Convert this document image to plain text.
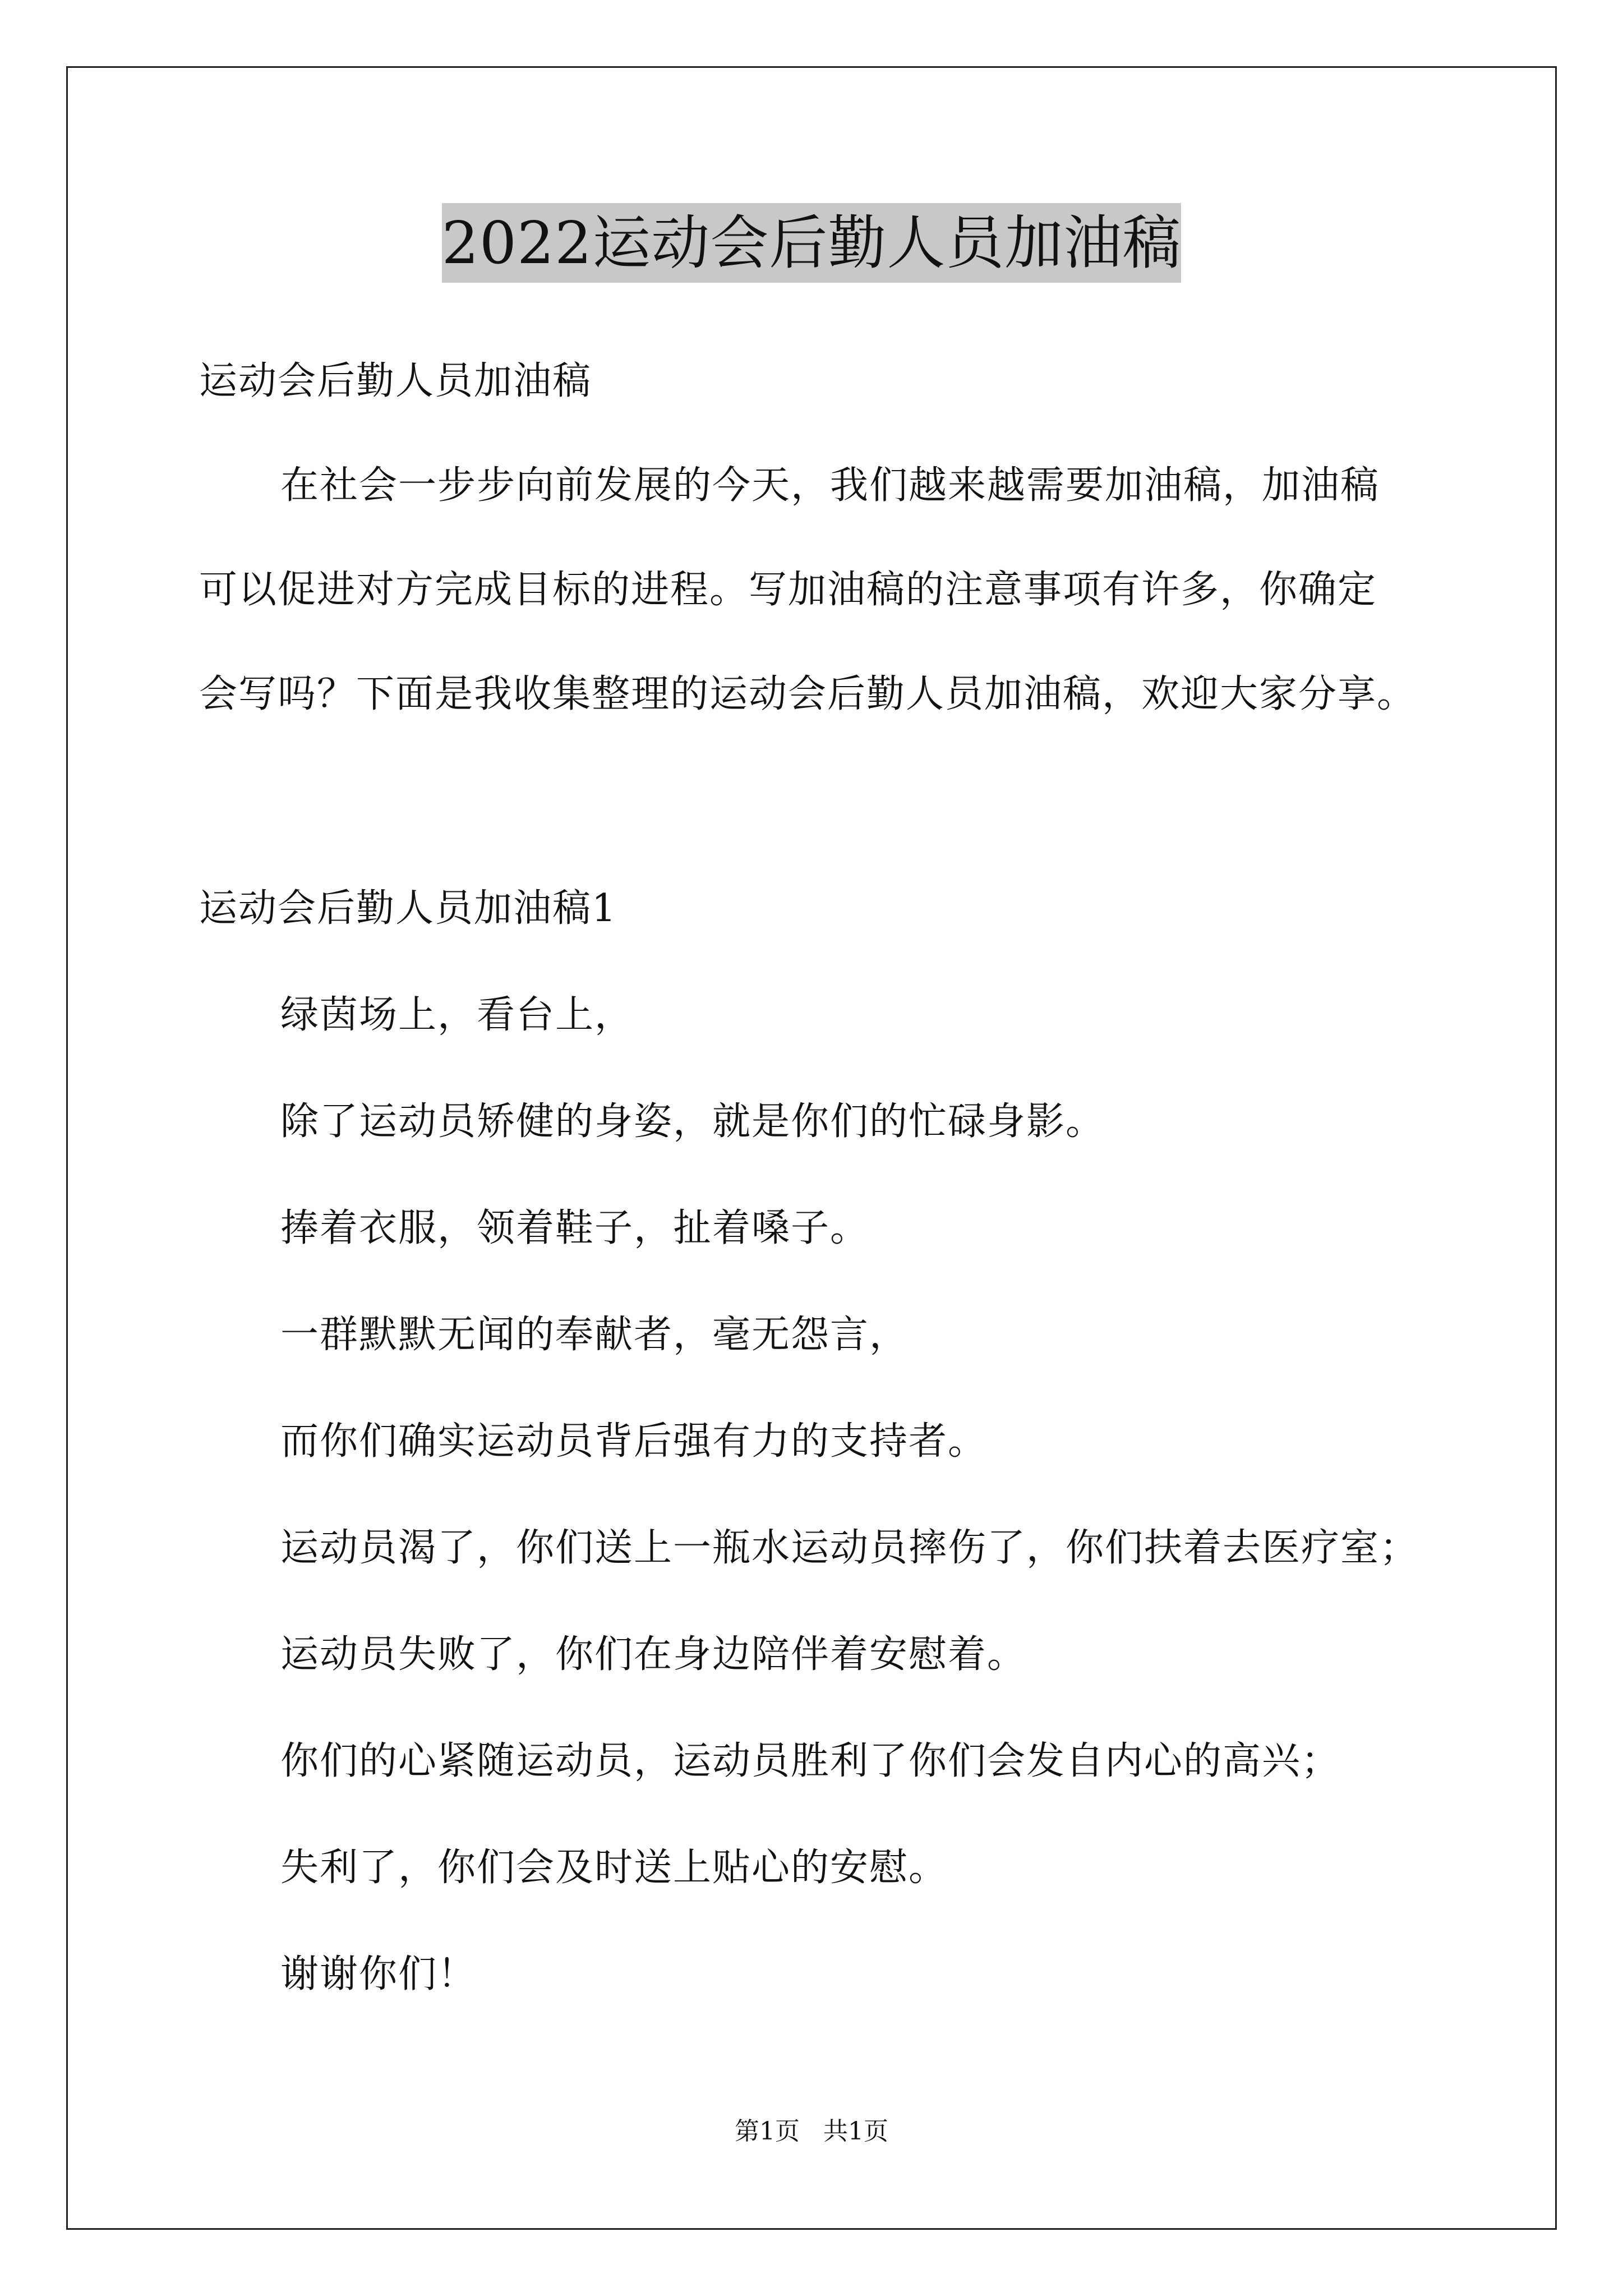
2022运动会后勤人员加油稿
运动会后勤人员加油稿
在社会一步步向前发展的今天，我们越来越需要加油稿，加油稿
可以促进对方完成目标的进程。写加油稿的注意事项有许多，你确定
会写吗？下面是我收集整理的运动会后勤人员加油稿，欢迎大家分享。
运动会后勤人员加油稿1
绿茵场上，看台上，
除了运动员矫健的身姿，就是你们的忙碌身影。
捧着衣服，领着鞋子，扯着嗓子。
一群默默无闻的奉献者，毫无怨言，
而你们确实运动员背后强有力的支持者。
运动员渴了，你们送上一瓶水运动员摔伤了，你们扶着去医疗室；
运动员失败了，你们在身边陪伴着安慰着。
你们的心紧随运动员，运动员胜利了你们会发自内心的高兴；
失利了，你们会及时送上贴心的安慰。
谢谢你们！
第1页 共1页
